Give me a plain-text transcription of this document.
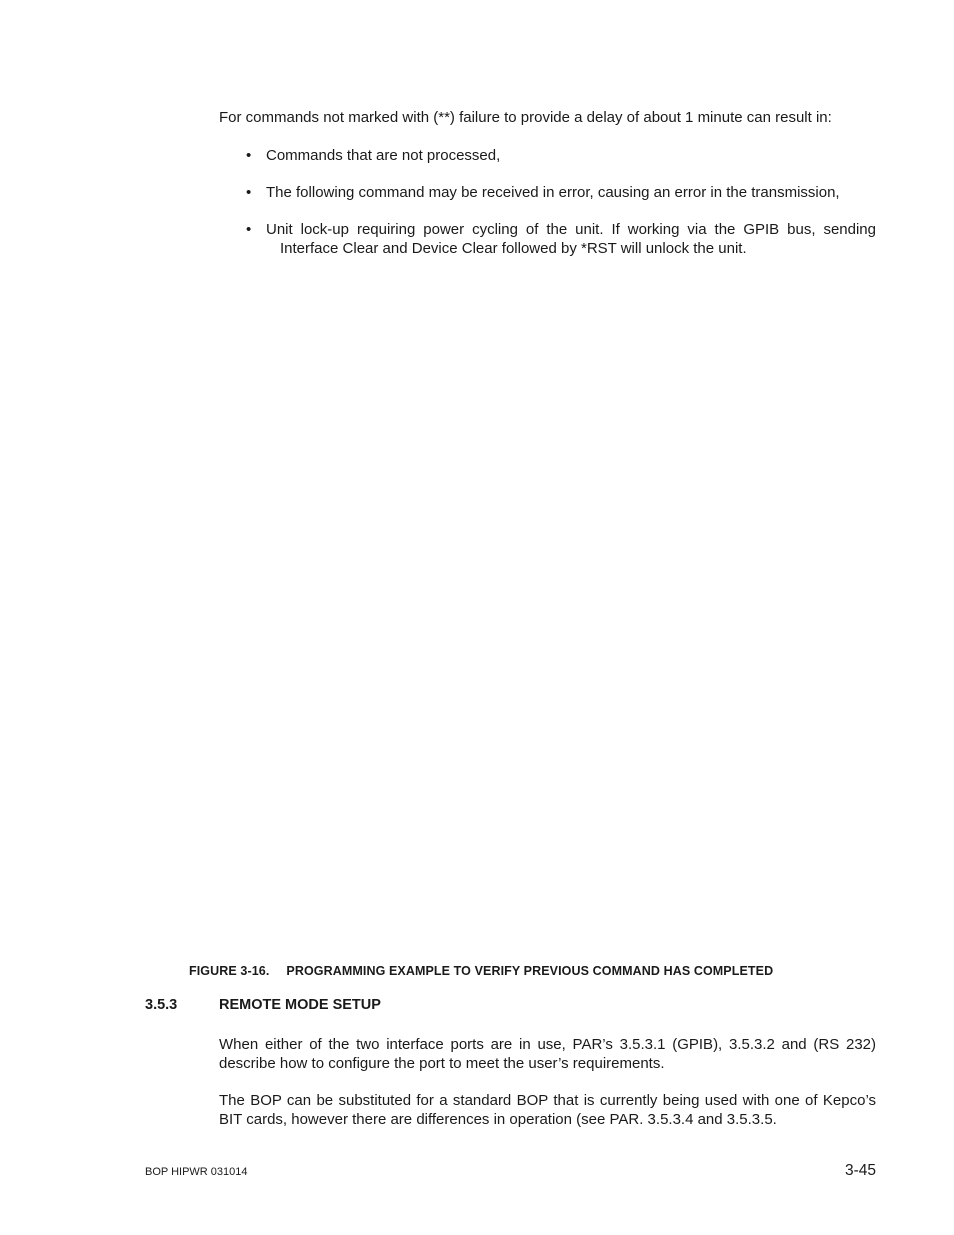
For commands not marked with (**) failure to provide a delay of about 1 minute can result in:
• Commands that are not processed,
• The following command may be received in error, causing an error in the transmission,
• Unit lock-up requiring power cycling of the unit. If working via the GPIB bus, sending
Interface Clear and Device Clear followed by *RST will unlock the unit.
FIGURE 3-16. PROGRAMMING EXAMPLE TO VERIFY PREVIOUS COMMAND HAS COMPLETED
3.5.3	REMOTE MODE SETUP
When either of the two interface ports are in use, PAR’s 3.5.3.1 (GPIB), 3.5.3.2 and (RS 232) describe how to configure the port to meet the user’s requirements.
The BOP can be substituted for a standard BOP that is currently being used with one of Kepco’s BIT cards, however there are differences in operation (see PAR. 3.5.3.4 and 3.5.3.5.
BOP HIPWR 031014	3-45
